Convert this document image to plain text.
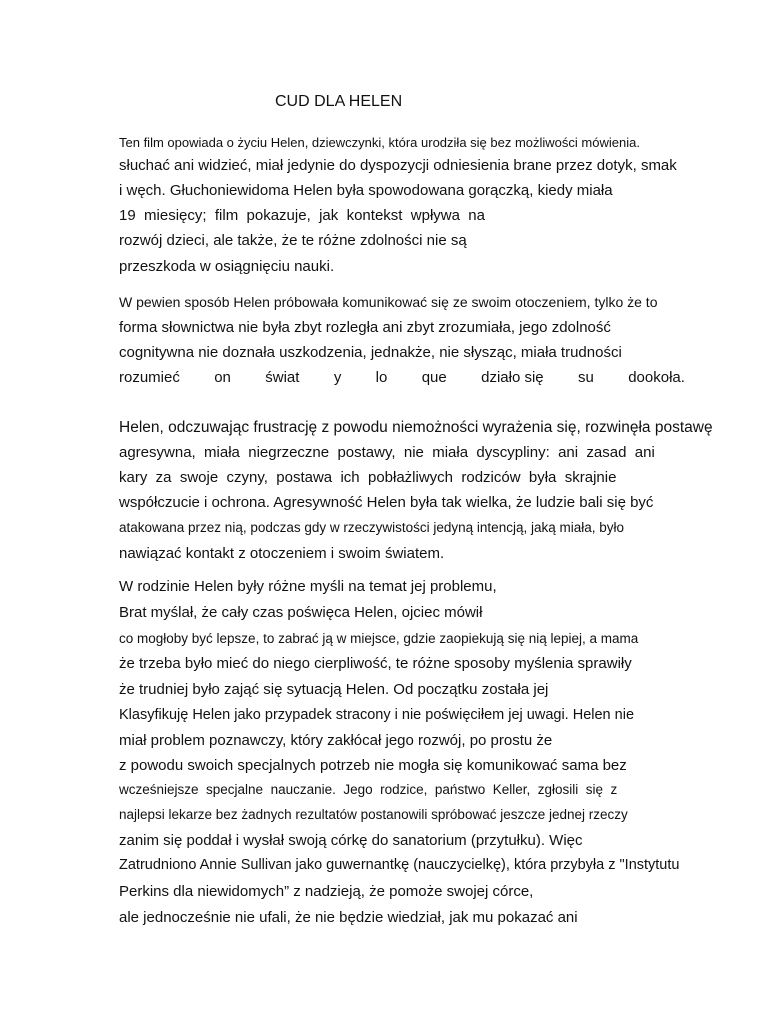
CUD DLA HELEN

Ten film opowiada o życiu Helen, dziewczynki, która urodziła się bez możliwości mówienia.

słuchać ani widzieć, miał jedynie do dyspozycji odniesienia brane przez dotyk, smak

i węch. Głuchoniewidoma Helen była spowodowana gorączką, kiedy miała

19  miesięcy;  film  pokazuje,  jak  kontekst  wpływa  na

rozwój dzieci, ale także, że te różne zdolności nie są

przeszkoda w osiągnięciu nauki.

W pewien sposób Helen próbowała komunikować się ze swoim otoczeniem, tylko że to

forma słownictwa nie była zbyt rozległa ani zbyt zrozumiała, jego zdolność

cognitywna nie doznała uszkodzenia, jednakże, nie słysząc, miała trudności

rozumieć on świat y lo que działo się su dookoła.

Helen, odczuwając frustrację z powodu niemożności wyrażenia się, rozwinęła postawę

agresywna,  miała  niegrzeczne  postawy,  nie  miała  dyscypliny:  ani  zasad  ani

kary  za  swoje  czyny,  postawa  ich  pobłażliwych  rodziców  była  skrajnie

współczucie i ochrona. Agresywność Helen była tak wielka, że ludzie bali się być

atakowana przez nią, podczas gdy w rzeczywistości jedyną intencją, jaką miała, było

nawiązać kontakt z otoczeniem i swoim światem.

W rodzinie Helen były różne myśli na temat jej problemu,

Brat myślał, że cały czas poświęca Helen, ojciec mówił

co mogłoby być lepsze, to zabrać ją w miejsce, gdzie zaopiekują się nią lepiej, a mama

że trzeba było mieć do niego cierpliwość, te różne sposoby myślenia sprawiły

że trudniej było zająć się sytuacją Helen. Od początku została jej

Klasyfikuję Helen jako przypadek stracony i nie poświęciłem jej uwagi. Helen nie

miał problem poznawczy, który zakłócał jego rozwój, po prostu że

z powodu swoich specjalnych potrzeb nie mogła się komunikować sama bez

wcześniejsze  specjalne  nauczanie.  Jego  rodzice,  państwo  Keller,  zgłosili  się  z

najlepsi lekarze bez żadnych rezultatów postanowili spróbować jeszcze jednej rzeczy

zanim się poddał i wysłał swoją córkę do sanatorium (przytułku). Więc

Zatrudniono Annie Sullivan jako guwernantkę (nauczycielkę), która przybyła z "Instytutu

Perkins dla niewidomych” z nadzieją, że pomoże swojej córce,

ale jednocześnie nie ufali, że nie będzie wiedział, jak mu pokazać ani
